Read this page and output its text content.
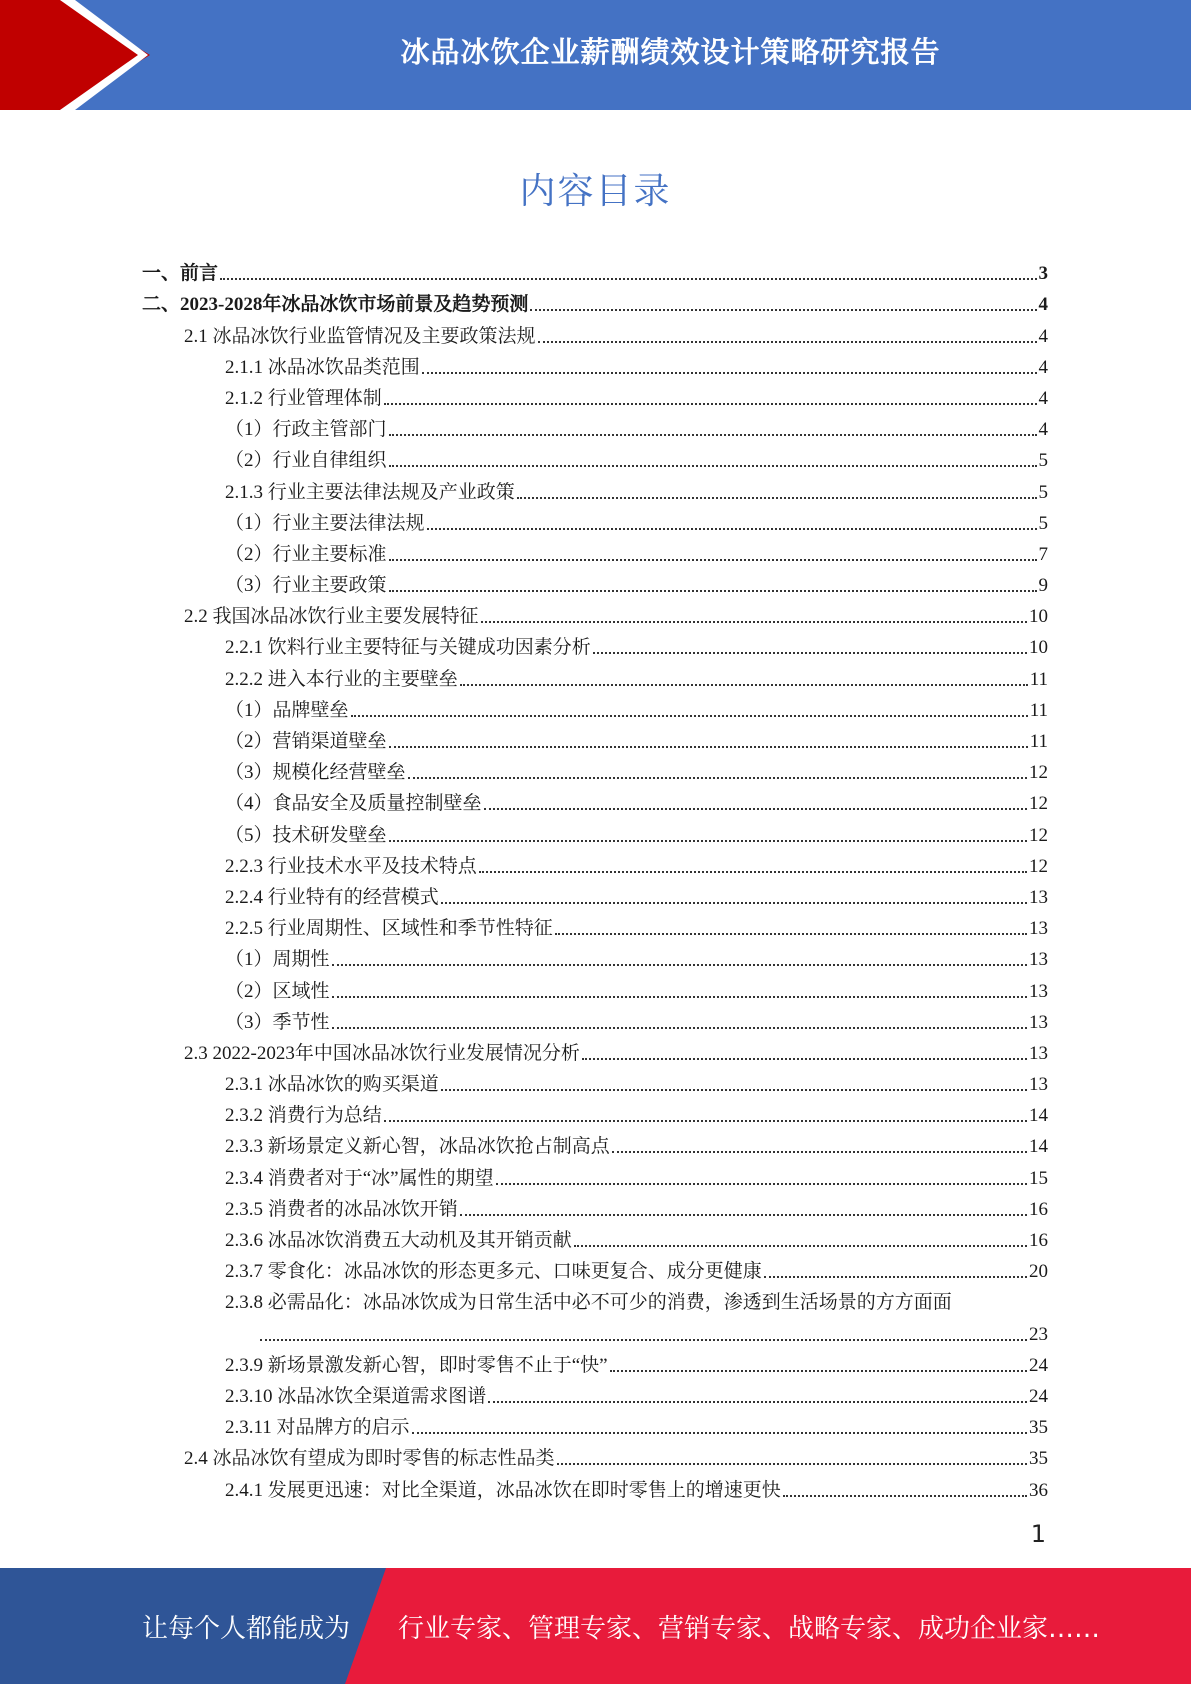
冰品冰饮企业薪酬绩效设计策略研究报告
内容目录
一、前言	3
二、2023-2028年冰品冰饮市场前景及趋势预测	4
2.1 冰品冰饮行业监管情况及主要政策法规	4
2.1.1 冰品冰饮品类范围	4
2.1.2 行业管理体制	4
（1）行政主管部门	4
（2）行业自律组织	5
2.1.3 行业主要法律法规及产业政策	5
（1）行业主要法律法规	5
（2）行业主要标准	7
（3）行业主要政策	9
2.2 我国冰品冰饮行业主要发展特征	10
2.2.1 饮料行业主要特征与关键成功因素分析	10
2.2.2 进入本行业的主要壁垒	11
（1）品牌壁垒	11
（2）营销渠道壁垒	11
（3）规模化经营壁垒	12
（4）食品安全及质量控制壁垒	12
（5）技术研发壁垒	12
2.2.3 行业技术水平及技术特点	12
2.2.4 行业特有的经营模式	13
2.2.5 行业周期性、区域性和季节性特征	13
（1）周期性	13
（2）区域性	13
（3）季节性	13
2.3 2022-2023年中国冰品冰饮行业发展情况分析	13
2.3.1 冰品冰饮的购买渠道	13
2.3.2 消费行为总结	14
2.3.3 新场景定义新心智，冰品冰饮抢占制高点	14
2.3.4 消费者对于“冰”属性的期望	15
2.3.5 消费者的冰品冰饮开销	16
2.3.6 冰品冰饮消费五大动机及其开销贡献	16
2.3.7 零食化：冰品冰饮的形态更多元、口味更复合、成分更健康	20
2.3.8 必需品化：冰品冰饮成为日常生活中必不可少的消费，渗透到生活场景的方方面面
23
2.3.9 新场景激发新心智，即时零售不止于“快”	24
2.3.10 冰品冰饮全渠道需求图谱	24
2.3.11 对品牌方的启示	35
2.4 冰品冰饮有望成为即时零售的标志性品类	35
2.4.1 发展更迅速：对比全渠道，冰品冰饮在即时零售上的增速更快	36
1
让每个人都能成为 行业专家、管理专家、营销专家、战略专家、成功企业家……
